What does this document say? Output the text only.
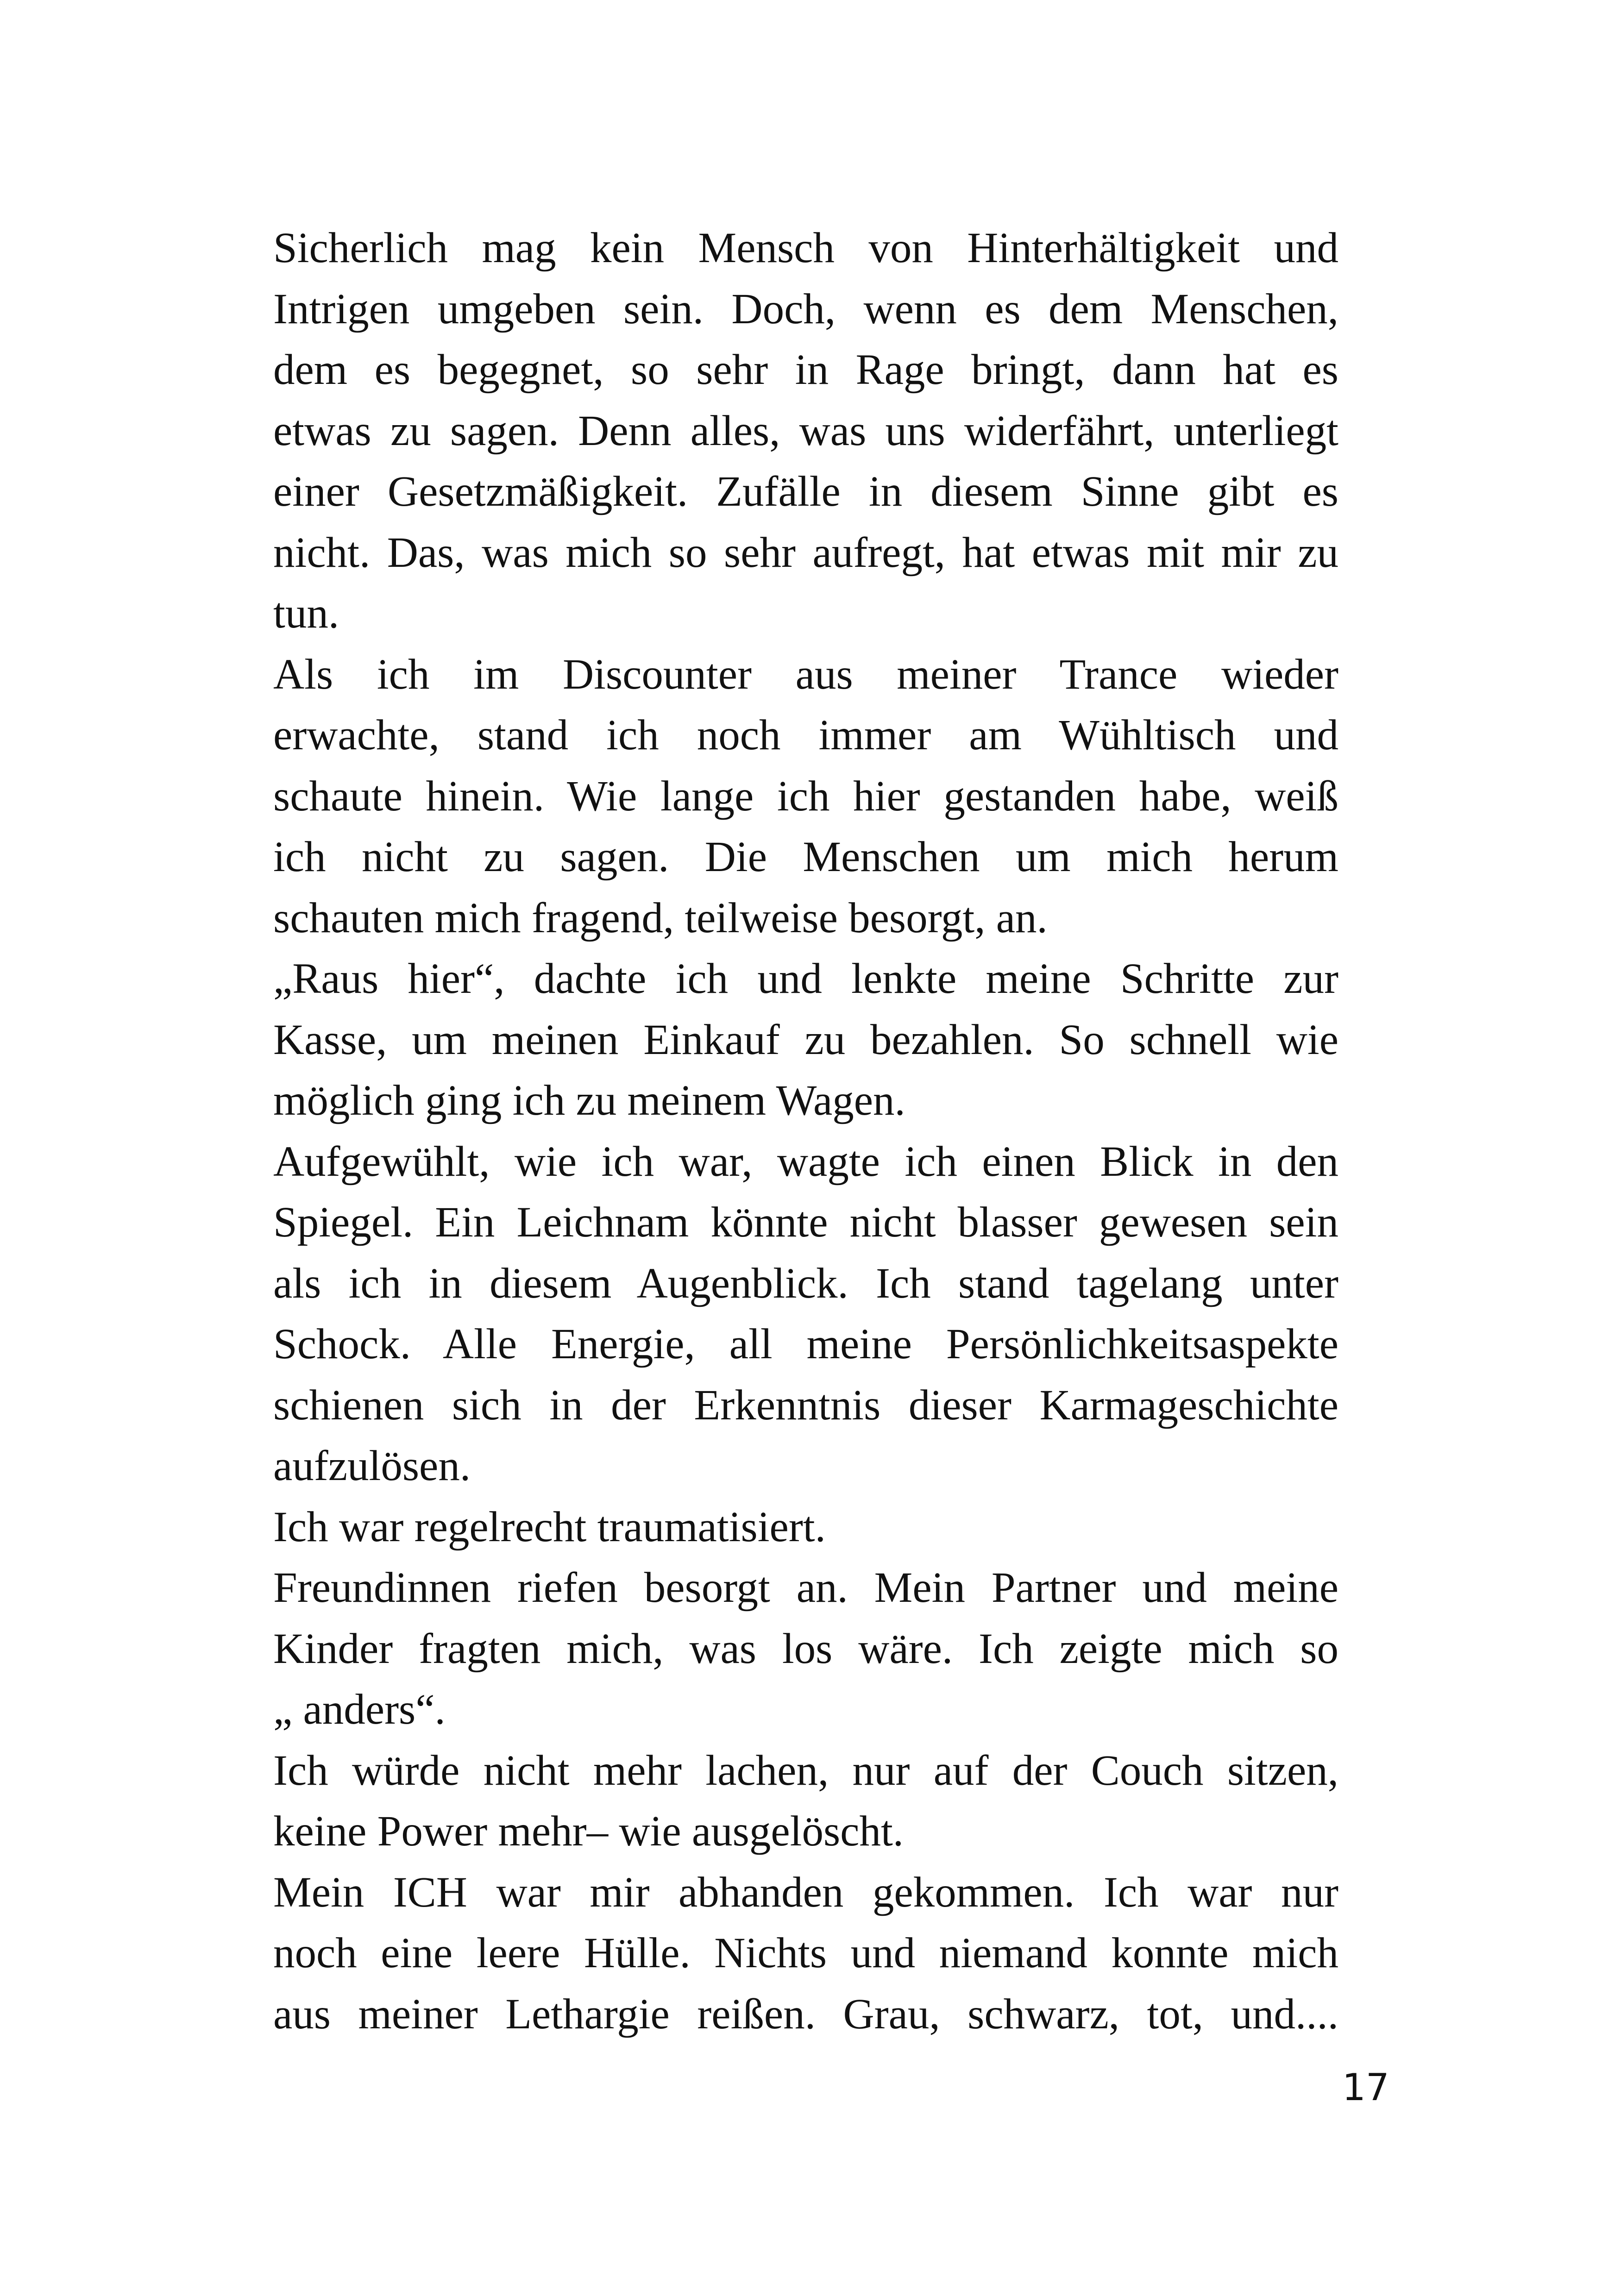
Sicherlich mag kein Mensch von Hinterhältigkeit und
Intrigen umgeben sein. Doch, wenn es dem Menschen,
dem es begegnet, so sehr in Rage bringt, dann hat es
etwas zu sagen. Denn alles, was uns widerfährt, unterliegt
einer Gesetzmäßigkeit. Zufälle in diesem Sinne gibt es
nicht. Das, was mich so sehr aufregt, hat etwas mit mir zu
tun.
Als ich im Discounter aus meiner Trance wieder
erwachte, stand ich noch immer am Wühltisch und
schaute hinein. Wie lange ich hier gestanden habe, weiß
ich nicht zu sagen. Die Menschen um mich herum
schauten mich fragend, teilweise besorgt, an.
„Raus hier“, dachte ich und lenkte meine Schritte zur
Kasse, um meinen Einkauf zu bezahlen. So schnell wie
möglich ging ich zu meinem Wagen.
Aufgewühlt, wie ich war, wagte ich einen Blick in den
Spiegel. Ein Leichnam könnte nicht blasser gewesen sein
als ich in diesem Augenblick. Ich stand tagelang unter
Schock. Alle Energie, all meine Persönlichkeitsaspekte
schienen sich in der Erkenntnis dieser Karmageschichte
aufzulösen.
Ich war regelrecht traumatisiert.
Freundinnen riefen besorgt an. Mein Partner und meine
Kinder fragten mich, was los wäre. Ich zeigte mich so
„ anders“.
Ich würde nicht mehr lachen, nur auf der Couch sitzen,
keine Power mehr– wie ausgelöscht.
Mein ICH war mir abhanden gekommen. Ich war nur
noch eine leere Hülle. Nichts und niemand konnte mich
aus meiner Lethargie reißen. Grau, schwarz, tot, und....
17
